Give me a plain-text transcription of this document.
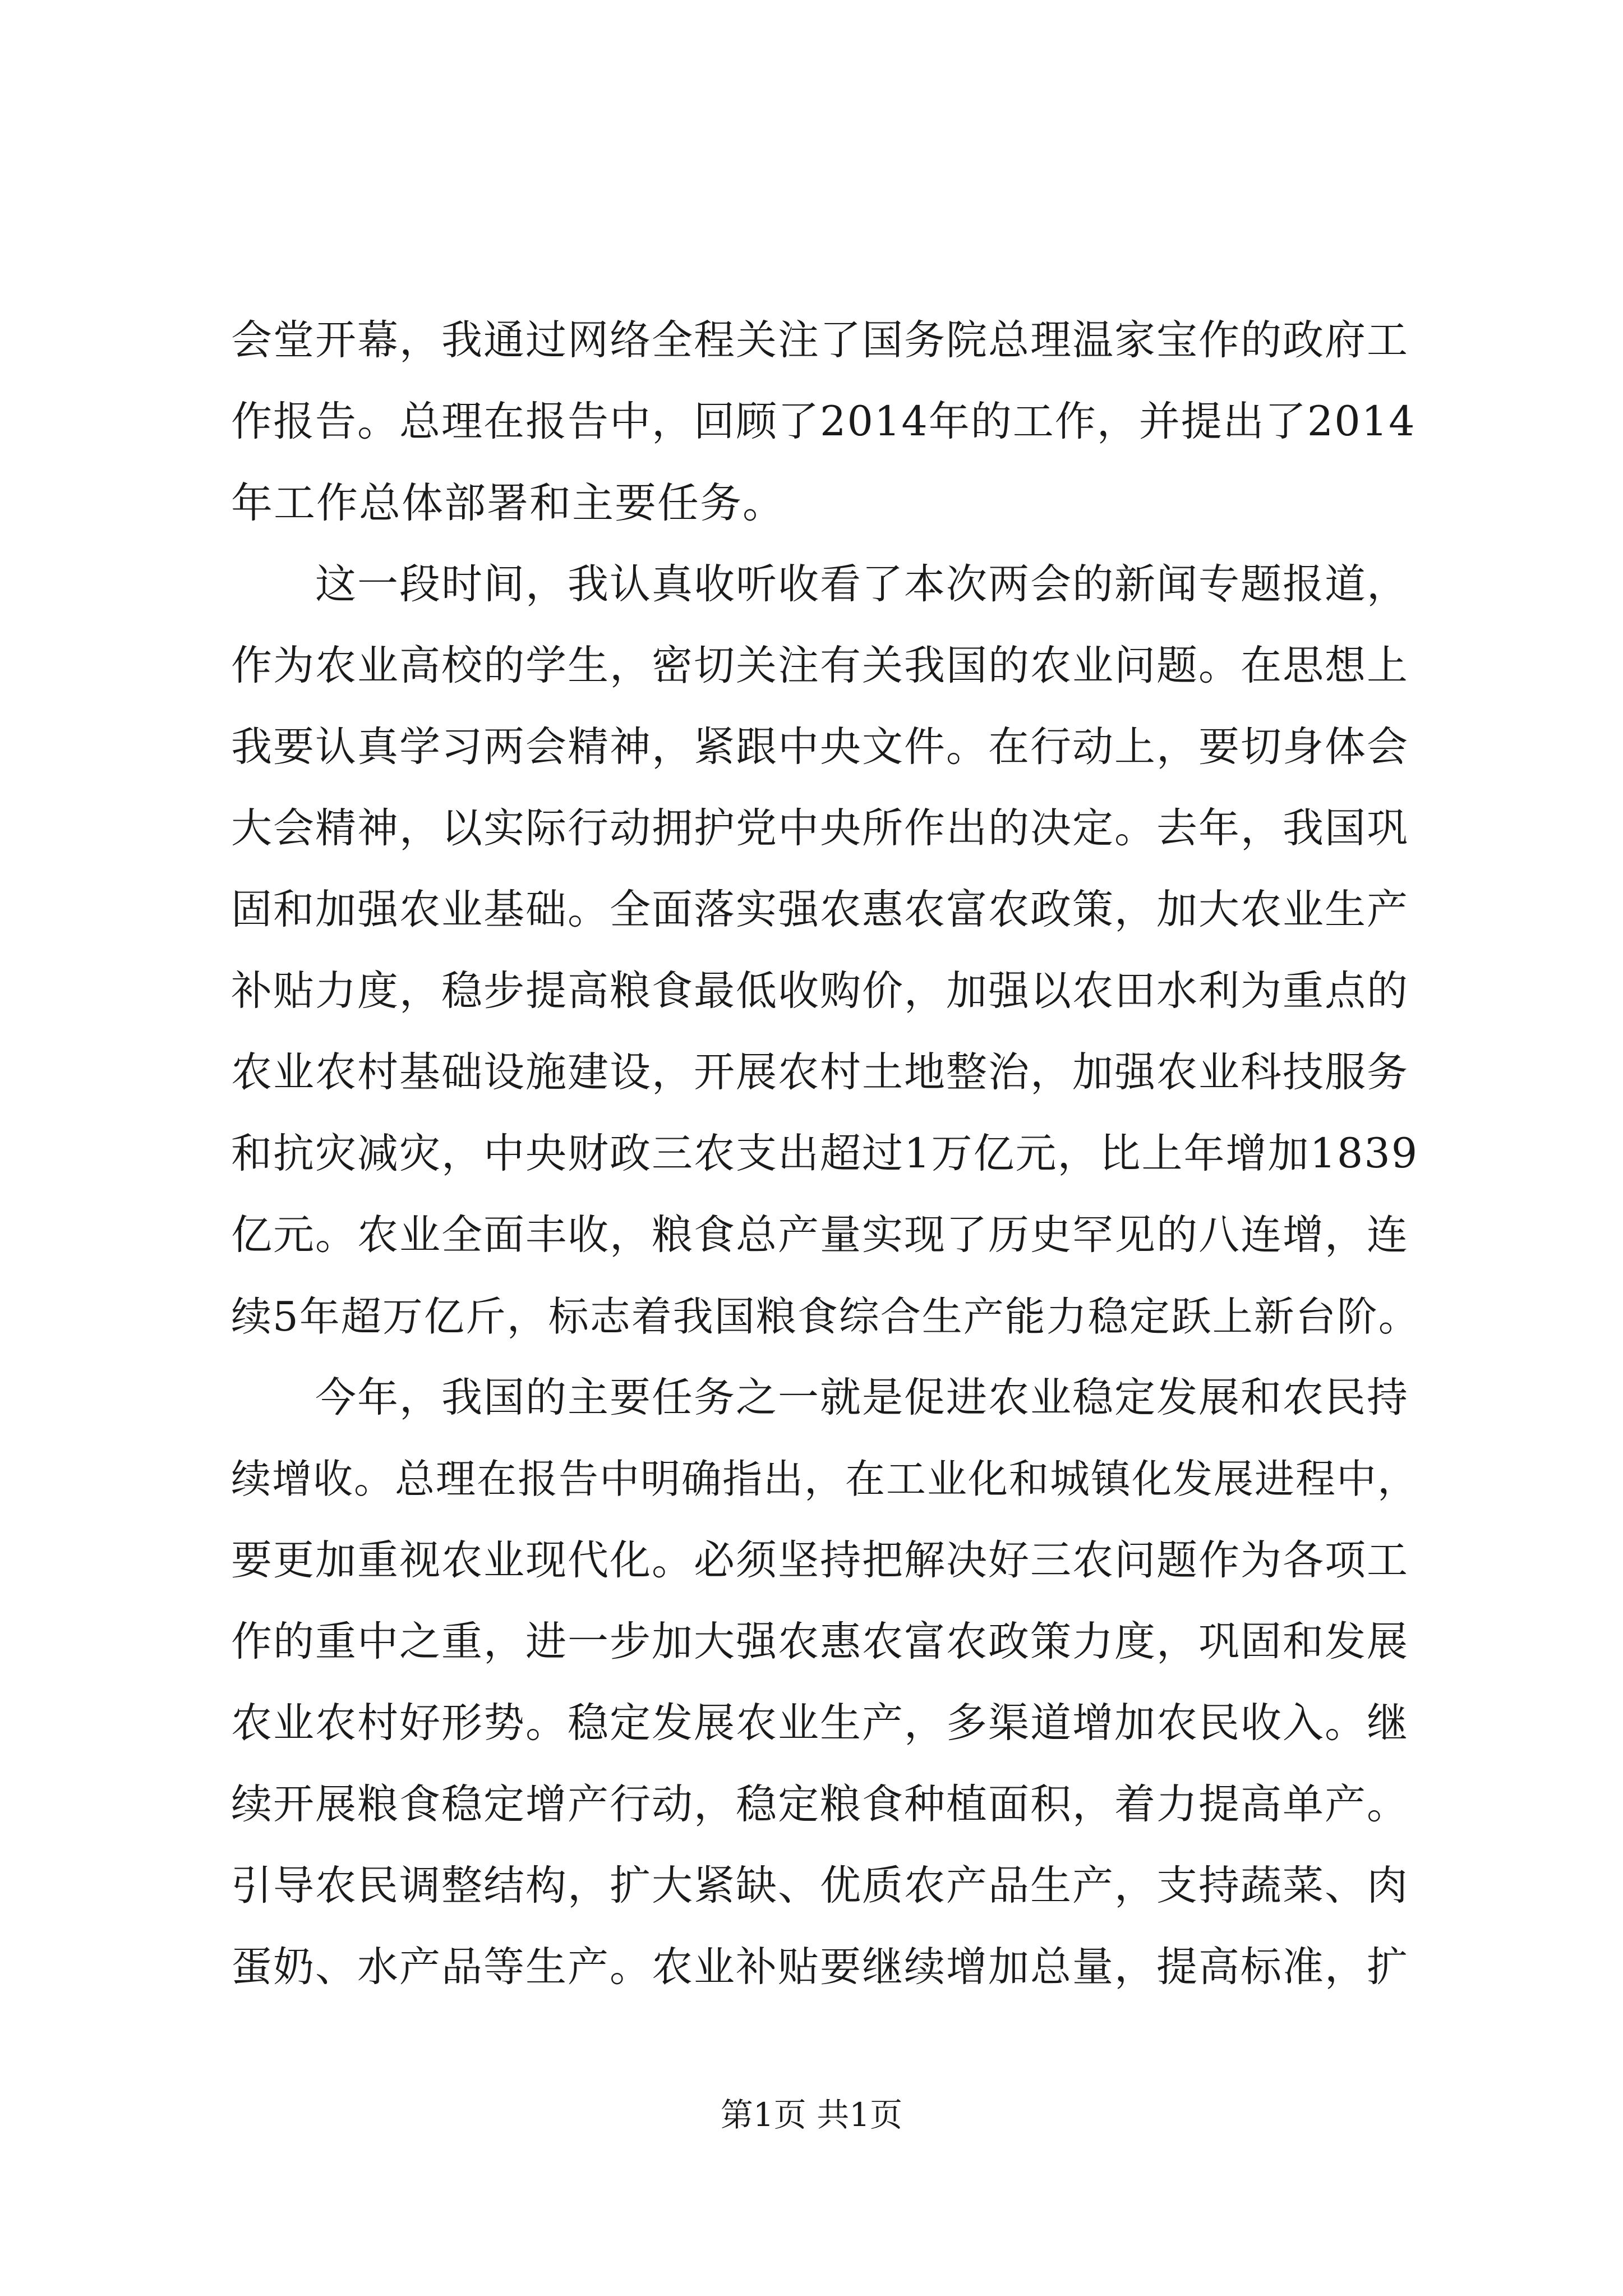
会堂开幕，我通过网络全程关注了国务院总理温家宝作的政府工
作报告。总理在报告中，回顾了2014年的工作，并提出了2014
年工作总体部署和主要任务。
这一段时间，我认真收听收看了本次两会的新闻专题报道，
作为农业高校的学生，密切关注有关我国的农业问题。在思想上
我要认真学习两会精神，紧跟中央文件。在行动上，要切身体会
大会精神，以实际行动拥护党中央所作出的决定。去年，我国巩
固和加强农业基础。全面落实强农惠农富农政策，加大农业生产
补贴力度，稳步提高粮食最低收购价，加强以农田水利为重点的
农业农村基础设施建设，开展农村土地整治，加强农业科技服务
和抗灾减灾，中央财政三农支出超过1万亿元，比上年增加1839
亿元。农业全面丰收，粮食总产量实现了历史罕见的八连增，连
续5年超万亿斤，标志着我国粮食综合生产能力稳定跃上新台阶。
今年，我国的主要任务之一就是促进农业稳定发展和农民持
续增收。总理在报告中明确指出，在工业化和城镇化发展进程中，
要更加重视农业现代化。必须坚持把解决好三农问题作为各项工
作的重中之重，进一步加大强农惠农富农政策力度，巩固和发展
农业农村好形势。稳定发展农业生产，多渠道增加农民收入。继
续开展粮食稳定增产行动，稳定粮食种植面积，着力提高单产。
引导农民调整结构，扩大紧缺、优质农产品生产，支持蔬菜、肉
蛋奶、水产品等生产。农业补贴要继续增加总量，提高标准，扩
第1页 共1页
